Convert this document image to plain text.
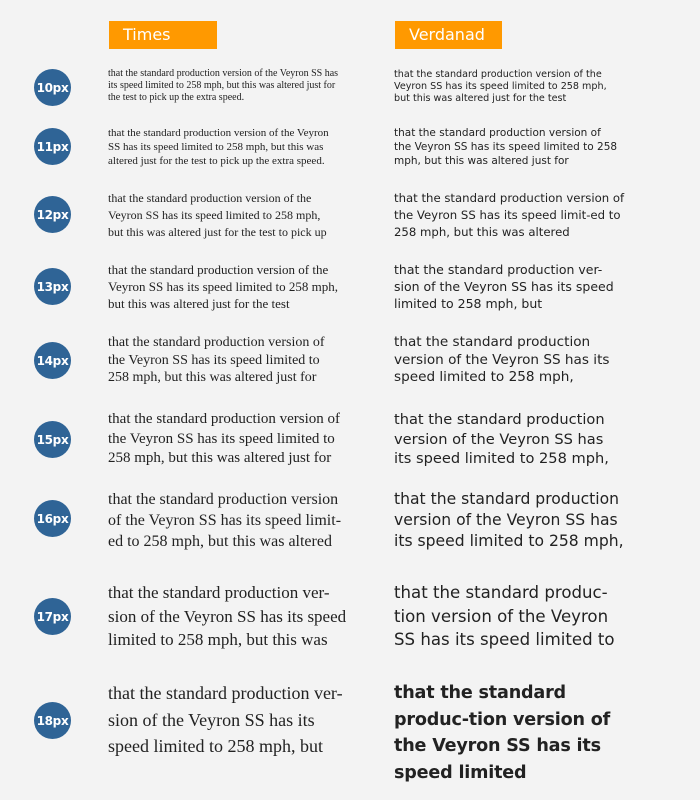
Times	Verdanad
10px

that the standard production version of the Veyron SS has its speed limited to 258 mph, but this was altered just for the test to pick up the extra speed.

that the standard production version of the Veyron SS has its speed limited to 258 mph, but this was altered just for the test

11px

that the standard production version of the Veyron SS has its speed limited to 258 mph, but this was altered just for the test to pick up the extra speed.

that the standard production version of the Veyron SS has its speed limited to 258 mph, but this was altered just for

12px

that the standard production version of the Veyron SS has its speed limited to 258 mph, but this was altered just for the test to pick up

that the standard production version of the Veyron SS has its speed limit-ed to 258 mph, but this was altered

13px

that the standard production version of the Veyron SS has its speed limited to 258 mph, but this was altered just for the test

that the standard production ver-sion of the Veyron SS has its speed limited to 258 mph, but

14px

that the standard production version of the Veyron SS has its speed limited to 258 mph, but this was altered just for

that the standard production version of the Veyron SS has its speed limited to 258 mph,

15px

that the standard production version of the Veyron SS has its speed limited to 258 mph, but this was altered just for

that the standard production version of the Veyron SS has its speed limited to 258 mph,

16px

that the standard production version of the Veyron SS has its speed limit-ed to 258 mph, but this was altered

that the standard production version of the Veyron SS has its speed limited to 258 mph,

17px

that the standard production ver-sion of the Veyron SS has its speed limited to 258 mph, but this was

that the standard produc-tion version of the Veyron SS has its speed limited to

18px

that the standard production ver-sion of the Veyron SS has its speed limited to 258 mph, but

that the standard produc-tion version of the Veyron SS has its speed limited
